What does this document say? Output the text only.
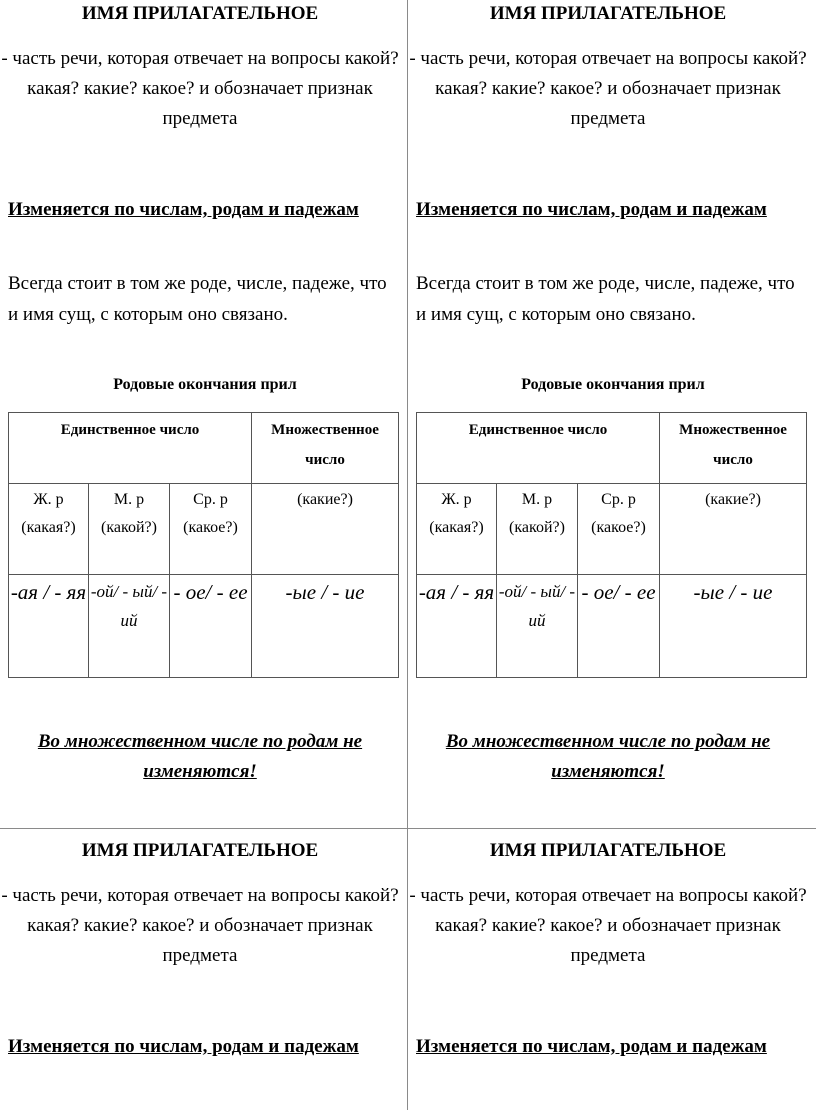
ИМЯ ПРИЛАГАТЕЛЬНОЕ
- часть речи, которая отвечает на вопросы какой? какая? какие? какое? и обозначает признак предмета
Изменяется по числам, родам и падежам
Всегда стоит в том же роде, числе, падеже, что и имя сущ, с которым оно связано.
Родовые окончания прил
Единственное число			Множественное число
Ж. р (какая?)	М. р (какой?)	Ср. р (какое?)	(какие?)
-ая / - яя	-ой/ - ый/ - ий	- ое/ - ее	-ые / - ие
Во множественном числе по родам не изменяются!
ИМЯ ПРИЛАГАТЕЛЬНОЕ
- часть речи, которая отвечает на вопросы какой? какая? какие? какое? и обозначает признак предмета
Изменяется по числам, родам и падежам
Всегда стоит в том же роде, числе, падеже, что и имя сущ, с которым оно связано.
Родовые окончания прил
Единственное число			Множественное число
Ж. р (какая?)	М. р (какой?)	Ср. р (какое?)	(какие?)
-ая / - яя	-ой/ - ый/ - ий	- ое/ - ее	-ые / - ие
Во множественном числе по родам не изменяются!
ИМЯ ПРИЛАГАТЕЛЬНОЕ
- часть речи, которая отвечает на вопросы какой? какая? какие? какое? и обозначает признак предмета
Изменяется по числам, родам и падежам
ИМЯ ПРИЛАГАТЕЛЬНОЕ
- часть речи, которая отвечает на вопросы какой? какая? какие? какое? и обозначает признак предмета
Изменяется по числам, родам и падежам
